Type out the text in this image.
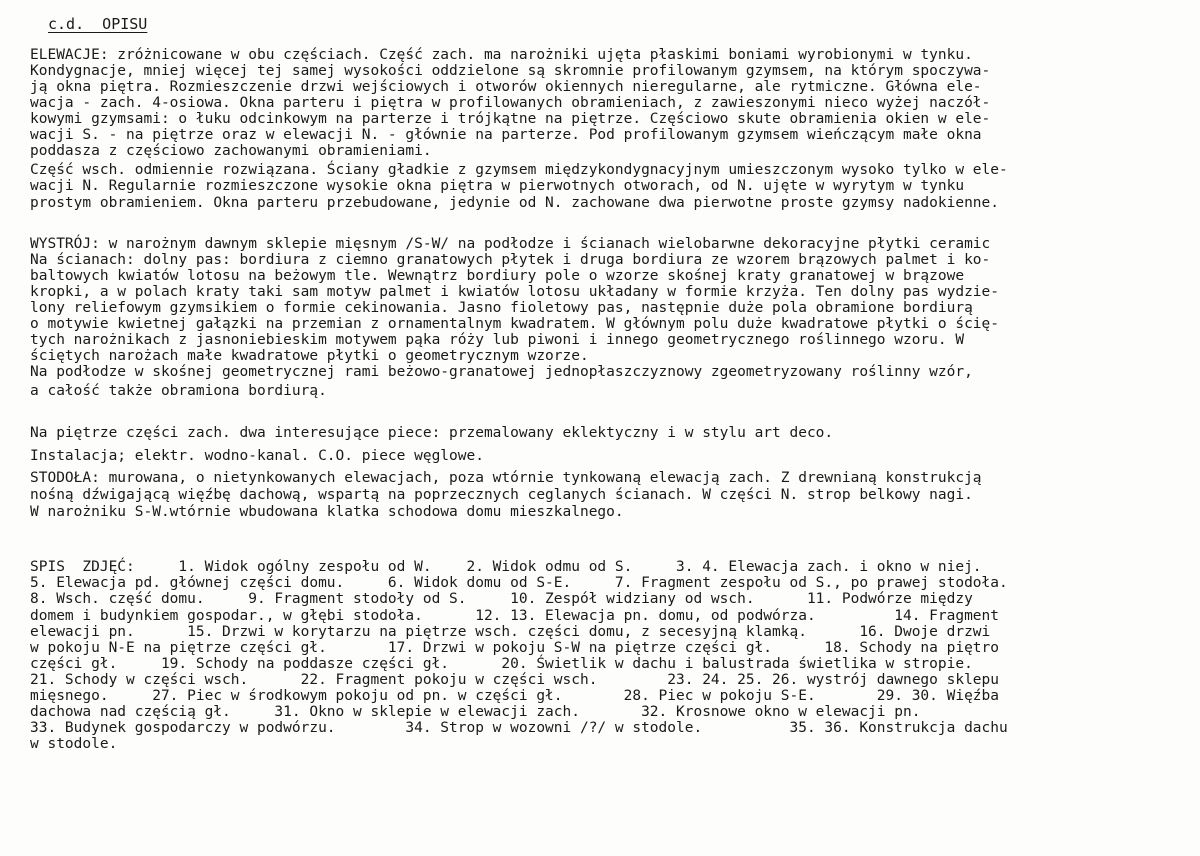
c.d.  OPISU

ELEWACJE: zróżnicowane w obu częściach. Część zach. ma narożniki ujęta płaskimi boniami wyrobionymi w tynku.

Kondygnacje, mniej więcej tej samej wysokości oddzielone są skromnie profilowanym gzymsem, na którym spoczywa-

ją okna piętra. Rozmieszczenie drzwi wejściowych i otworów okiennych nieregularne, ale rytmiczne. Główna ele-

wacja - zach. 4-osiowa. Okna parteru i piętra w profilowanych obramieniach, z zawieszonymi nieco wyżej naczół-

kowymi gzymsami: o łuku odcinkowym na parterze i trójkątne na piętrze. Częściowo skute obramienia okien w ele-

wacji S. - na piętrze oraz w elewacji N. - głównie na parterze. Pod profilowanym gzymsem wieńczącym małe okna

poddasza z częściowo zachowanymi obramieniami.

Część wsch. odmiennie rozwiązana. Ściany gładkie z gzymsem międzykondygnacyjnym umieszczonym wysoko tylko w ele-

wacji N. Regularnie rozmieszczone wysokie okna piętra w pierwotnych otworach, od N. ujęte w wyrytym w tynku

prostym obramieniem. Okna parteru przebudowane, jedynie od N. zachowane dwa pierwotne proste gzymsy nadokienne.

WYSTRÓJ: w narożnym dawnym sklepie mięsnym /S-W/ na podłodze i ścianach wielobarwne dekoracyjne płytki ceramic

Na ścianach: dolny pas: bordiura z ciemno granatowych płytek i druga bordiura ze wzorem brązowych palmet i ko-

baltowych kwiatów lotosu na beżowym tle. Wewnątrz bordiury pole o wzorze skośnej kraty granatowej w brązowe

kropki, a w polach kraty taki sam motyw palmet i kwiatów lotosu układany w formie krzyża. Ten dolny pas wydzie-

lony reliefowym gzymsikiem o formie cekinowania. Jasno fioletowy pas, następnie duże pola obramione bordiurą

o motywie kwietnej gałązki na przemian z ornamentalnym kwadratem. W głównym polu duże kwadratowe płytki o ścię-

tych narożnikach z jasnoniebieskim motywem pąka róży lub piwoni i innego geometrycznego roślinnego wzoru. W

ściętych narożach małe kwadratowe płytki o geometrycznym wzorze.

Na podłodze w skośnej geometrycznej rami beżowo-granatowej jednopłaszczyznowy zgeometryzowany roślinny wzór,

a całość także obramiona bordiurą.

Na piętrze części zach. dwa interesujące piece: przemalowany eklektyczny i w stylu art deco.

Instalacja; elektr. wodno-kanal. C.O. piece węglowe.

STODOŁA: murowana, o nietynkowanych elewacjach, poza wtórnie tynkowaną elewacją zach. Z drewnianą konstrukcją

nośną dźwigającą więźbę dachową, wspartą na poprzecznych ceglanych ścianach. W części N. strop belkowy nagi.

W narożniku S-W.wtórnie wbudowana klatka schodowa domu mieszkalnego.

SPIS  ZDJĘĆ:     1. Widok ogólny zespołu od W.    2. Widok odmu od S.     3. 4. Elewacja zach. i okno w niej.

5. Elewacja pd. głównej części domu.     6. Widok domu od S-E.     7. Fragment zespołu od S., po prawej stodoła.

8. Wsch. część domu.     9. Fragment stodoły od S.     10. Zespół widziany od wsch.      11. Podwórze między

domem i budynkiem gospodar., w głębi stodoła.      12. 13. Elewacja pn. domu, od podwórza.         14. Fragment

elewacji pn.      15. Drzwi w korytarzu na piętrze wsch. części domu, z secesyjną klamką.      16. Dwoje drzwi

w pokoju N-E na piętrze części gł.       17. Drzwi w pokoju S-W na piętrze części gł.      18. Schody na piętro

części gł.     19. Schody na poddasze części gł.      20. Świetlik w dachu i balustrada świetlika w stropie.

21. Schody w części wsch.      22. Fragment pokoju w części wsch.        23. 24. 25. 26. wystrój dawnego sklepu

mięsnego.     27. Piec w środkowym pokoju od pn. w części gł.       28. Piec w pokoju S-E.       29. 30. Więźba

dachowa nad częścią gł.     31. Okno w sklepie w elewacji zach.       32. Krosnowe okno w elewacji pn.

33. Budynek gospodarczy w podwórzu.        34. Strop w wozowni /?/ w stodole.          35. 36. Konstrukcja dachu

w stodole.
